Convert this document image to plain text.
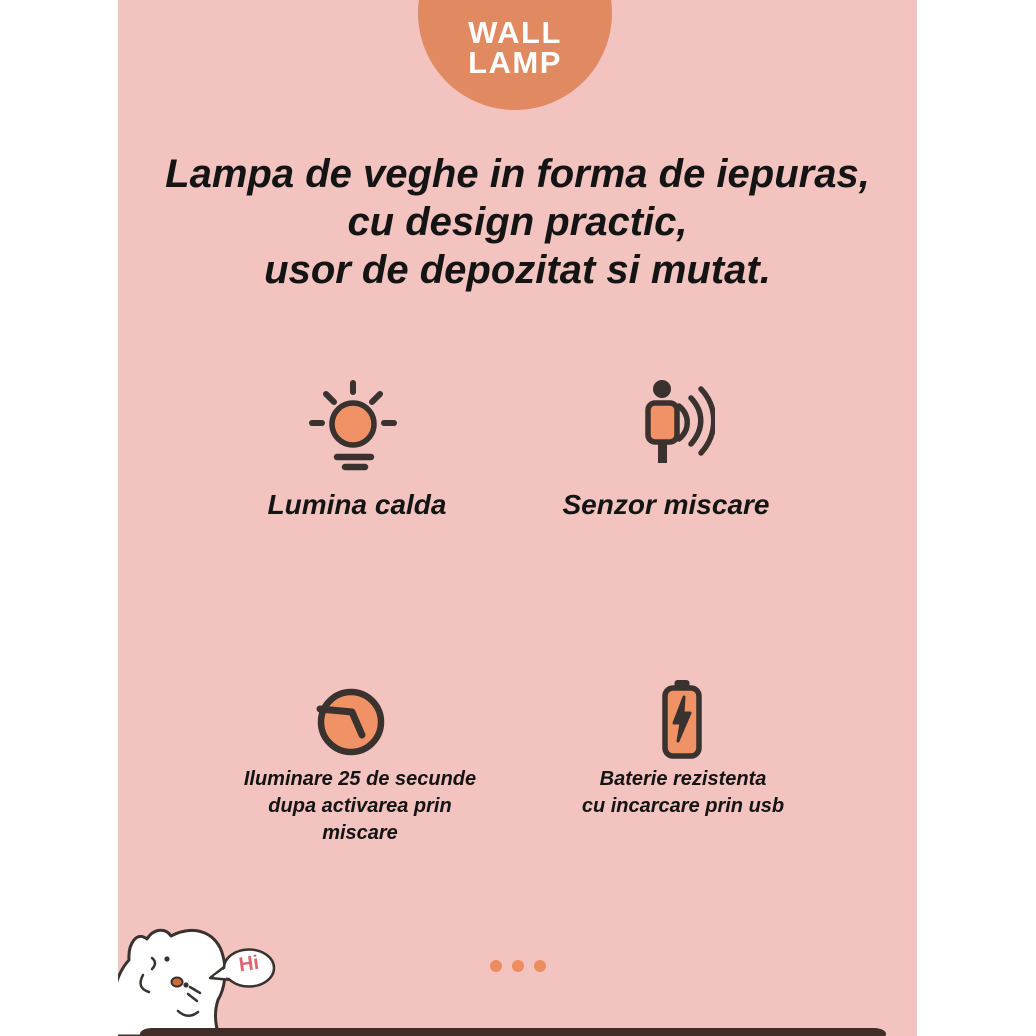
WALL
LAMP
Lampa de veghe in forma de iepuras,
cu design practic,
usor de depozitat si mutat.
Lumina calda	Senzor miscare
Iluminare 25 de secunde
dupa activarea prin miscare
Baterie rezistenta
cu incarcare prin usb
Hi
